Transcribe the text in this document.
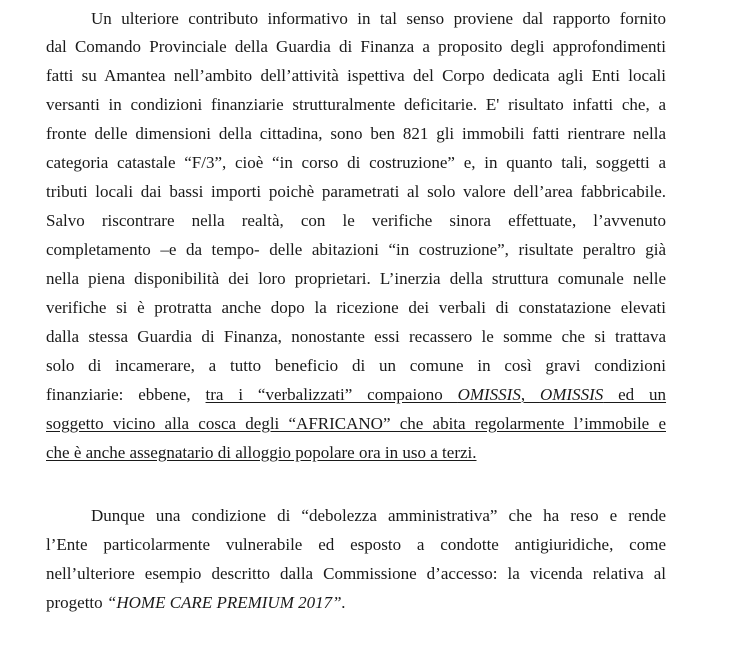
Un ulteriore contributo informativo in tal senso proviene dal rapporto fornito
dal Comando Provinciale della Guardia di Finanza a proposito degli approfondimenti
fatti su Amantea nell’ambito dell’attività ispettiva del Corpo dedicata agli Enti locali
versanti in condizioni finanziarie strutturalmente deficitarie. E' risultato infatti che, a
fronte delle dimensioni della cittadina, sono ben 821 gli immobili fatti rientrare nella
categoria catastale “F/3”, cioè “in corso di costruzione” e, in quanto tali, soggetti a
tributi locali dai bassi importi poichè parametrati al solo valore dell’area fabbricabile.
Salvo riscontrare nella realtà, con le verifiche sinora effettuate, l’avvenuto
completamento –e da tempo- delle abitazioni “in costruzione”, risultate peraltro già
nella piena disponibilità dei loro proprietari. L’inerzia della struttura comunale nelle
verifiche si è protratta anche dopo la ricezione dei verbali di constatazione elevati
dalla stessa Guardia di Finanza, nonostante essi recassero le somme che si trattava
solo di incamerare, a tutto beneficio di un comune in così gravi condizioni
finanziarie: ebbene, tra i “verbalizzati” compaiono OMISSIS, OMISSIS ed un
soggetto vicino alla cosca degli “AFRICANO” che abita regolarmente l’immobile e
che è anche assegnatario di alloggio popolare ora in uso a terzi.
Dunque una condizione di “debolezza amministrativa” che ha reso e rende
l’Ente particolarmente vulnerabile ed esposto a condotte antigiuridiche, come
nell’ulteriore esempio descritto dalla Commissione d’accesso: la vicenda relativa al
progetto “HOME CARE PREMIUM 2017”.
